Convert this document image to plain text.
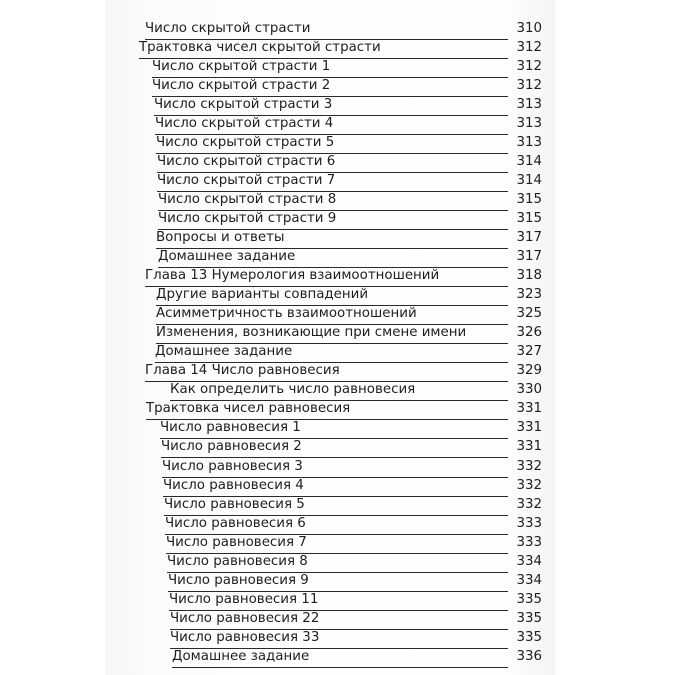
Число скрытой страсти	310
Трактовка чисел скрытой страсти	312
Число скрытой страсти 1	312
Число скрытой страсти 2	312
Число скрытой страсти 3	313
Число скрытой страсти 4	313
Число скрытой страсти 5	313
Число скрытой страсти 6	314
Число скрытой страсти 7	314
Число скрытой страсти 8	315
Число скрытой страсти 9	315
Вопросы и ответы	317
Домашнее задание	317
Глава 13 Нумерология взаимоотношений	318
Другие варианты совпадений	323
Асимметричность взаимоотношений	325
Изменения, возникающие при смене имени	326
Домашнее задание	327
Глава 14 Число равновесия	329
Как определить число равновесия	330
Трактовка чисел равновесия	331
Число равновесия 1	331
Число равновесия 2	331
Число равновесия 3	332
Число равновесия 4	332
Число равновесия 5	332
Число равновесия 6	333
Число равновесия 7	333
Число равновесия 8	334
Число равновесия 9	334
Число равновесия 11	335
Число равновесия 22	335
Число равновесия 33	335
Домашнее задание	336
